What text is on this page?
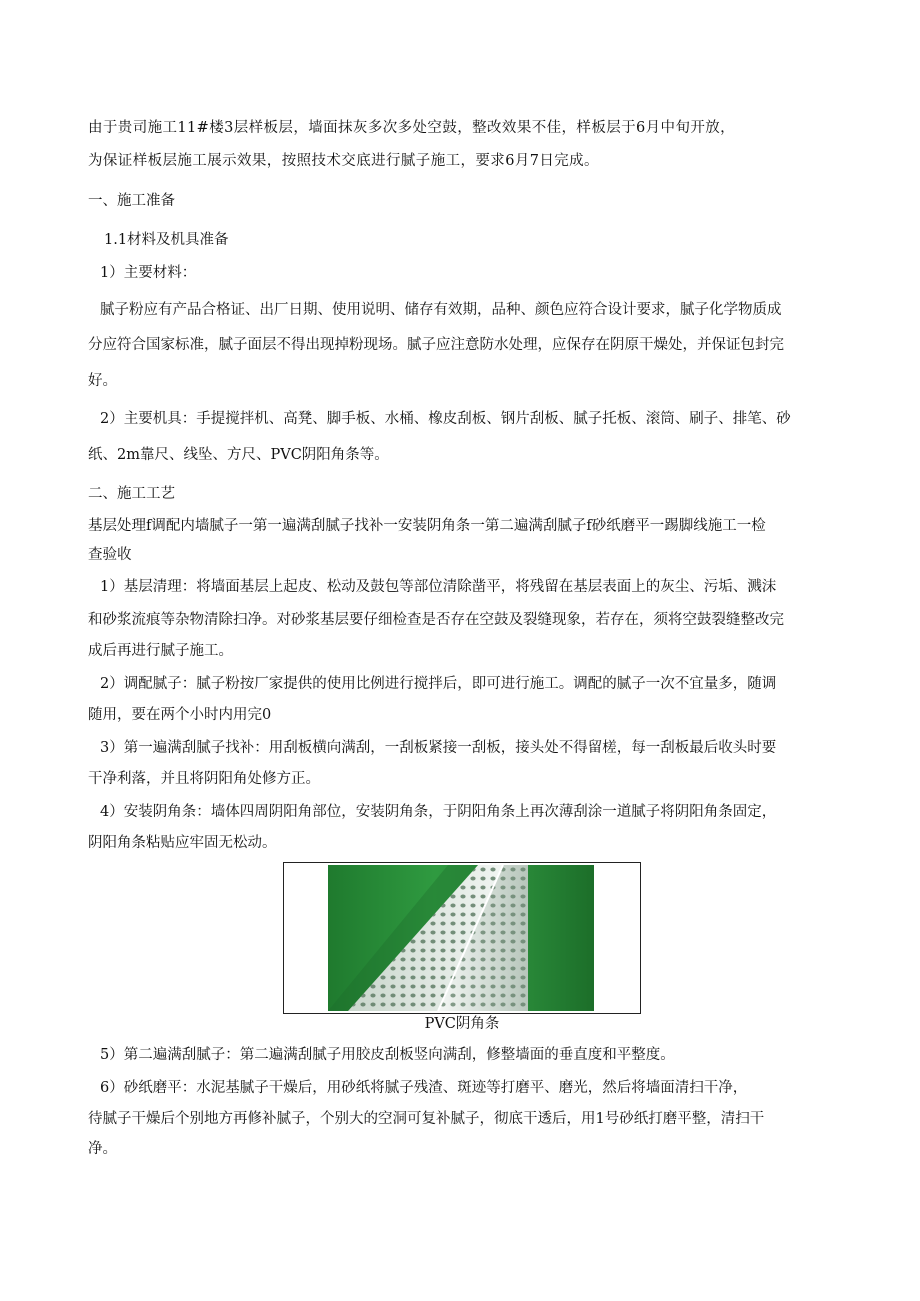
由于贵司施工11#楼3层样板层，墙面抹灰多次多处空鼓，整改效果不佳，样板层于6月中旬开放，

为保证样板层施工展示效果，按照技术交底进行腻子施工，要求6月7日完成。

一、施工准备

1.1材料及机具准备

1）主要材料：

腻子粉应有产品合格证、出厂日期、使用说明、储存有效期，品种、颜色应符合设计要求，腻子化学物质成

分应符合国家标准，腻子面层不得出现掉粉现场。腻子应注意防水处理，应保存在阴原干燥处，并保证包封完

好。

2）主要机具：手提搅拌机、高凳、脚手板、水桶、橡皮刮板、钢片刮板、腻子托板、滚筒、刷子、排笔、砂

纸、2m靠尺、线坠、方尺、PVC阴阳角条等。

二、施工工艺

基层处理f调配内墙腻子一第一遍满刮腻子找补一安装阴角条一第二遍满刮腻子f砂纸磨平一踢脚线施工一检

查验收

1）基层清理：将墙面基层上起皮、松动及鼓包等部位清除凿平，将残留在基层表面上的灰尘、污垢、溅沫

和砂浆流痕等杂物清除扫净。对砂浆基层要仔细检查是否存在空鼓及裂缝现象，若存在，须将空鼓裂缝整改完

成后再进行腻子施工。

2）调配腻子：腻子粉按厂家提供的使用比例进行搅拌后，即可进行施工。调配的腻子一次不宜量多，随调

随用，要在两个小时内用完0

3）第一遍满刮腻子找补：用刮板横向满刮，一刮板紧接一刮板，接头处不得留槎，每一刮板最后收头时要

干净利落，并且将阴阳角处修方正。

4）安装阴角条：墙体四周阴阳角部位，安装阴角条，于阴阳角条上再次薄刮涂一道腻子将阴阳角条固定，

阴阳角条粘贴应牢固无松动。

PVC阴角条

5）第二遍满刮腻子：第二遍满刮腻子用胶皮刮板竖向满刮，修整墙面的垂直度和平整度。

6）砂纸磨平：水泥基腻子干燥后，用砂纸将腻子残渣、斑迹等打磨平、磨光，然后将墙面清扫干净，

待腻子干燥后个别地方再修补腻子，个别大的空洞可复补腻子，彻底干透后，用1号砂纸打磨平整，清扫干

净。
